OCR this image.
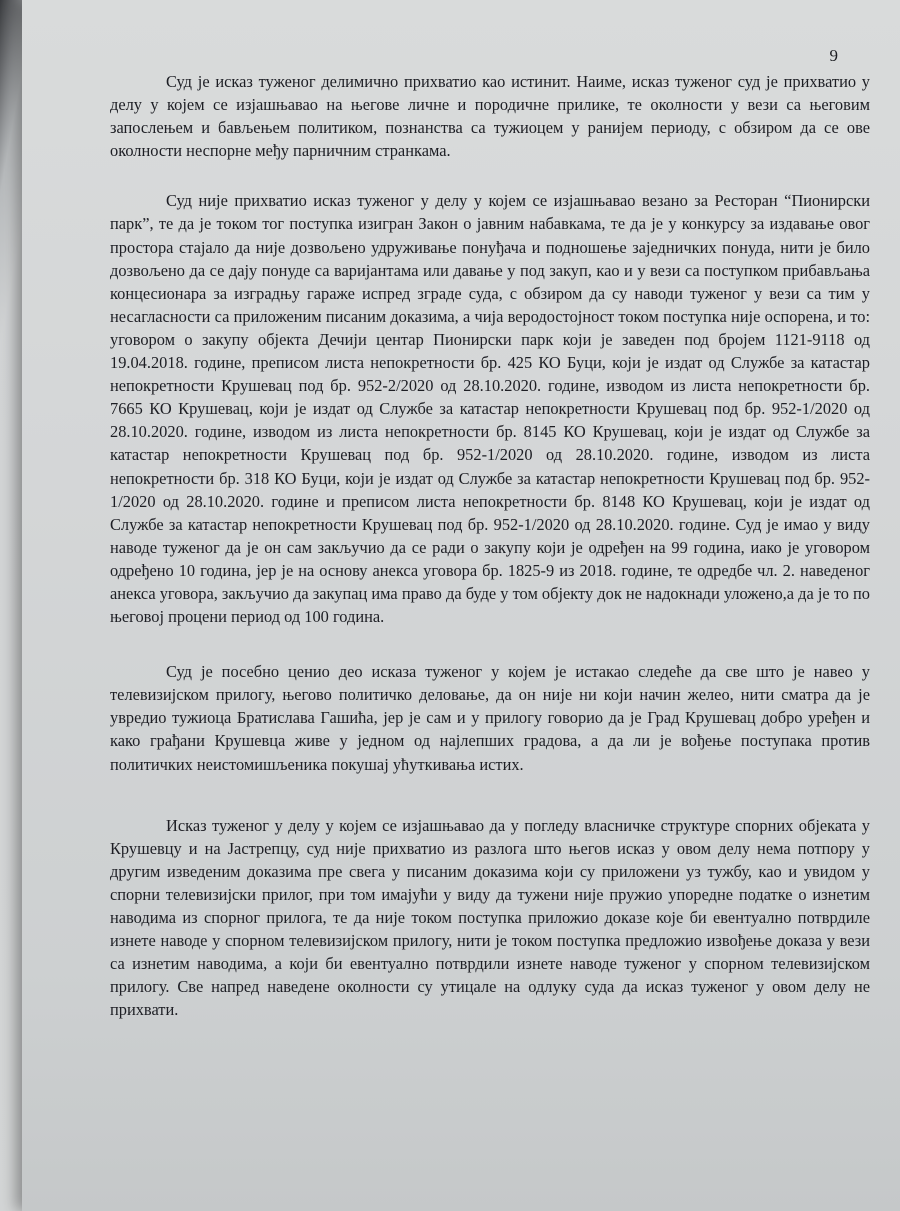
9

Суд је исказ туженог делимично прихватио као истинит. Наиме, исказ туженог суд је прихватио у делу у којем се изјашњавао на његове личне и породичне прилике, те околности у вези са његовим запослењем и бављењем политиком, познанства са тужиоцем у ранијем периоду, с обзиром да се ове околности неспорне међу парничним странкама.

Суд није прихватио исказ туженог у делу у којем се изјашњавао везано за Ресторан “Пионирски парк”, те да је током тог поступка изигран Закон о јавним набавкама, те да је у конкурсу за издавање овог простора стајало да није дозвољено удруживање понуђача и подношење заједничких понуда, нити је било дозвољено да се дају понуде са варијантама или давање у под закуп, као и у вези са поступком прибављања концесионара за изградњу гараже испред зграде суда, с обзиром да су наводи туженог у вези са тим у несагласности са приложеним писаним доказима, а чија веродостојност током поступка није оспорена, и то: уговором о закупу објекта Дечији центар Пионирски парк који је заведен под бројем 1121-9118 од 19.04.2018. године, преписом листа непокретности бр. 425 КО Буци, који је издат од Службе за катастар непокретности Крушевац под бр. 952-2/2020 од 28.10.2020. године, изводом из листа непокретности бр. 7665 КО Крушевац, који је издат од Службе за катастар непокретности Крушевац под бр. 952-1/2020 од 28.10.2020. године, изводом из листа непокретности бр. 8145 КО Крушевац, који је издат од Службе за катастар непокретности Крушевац под бр. 952-1/2020 од 28.10.2020. године, изводом из листа непокретности бр. 318 КО Буци, који је издат од Службе за катастар непокретности Крушевац под бр. 952-1/2020 од 28.10.2020. године и преписом листа непокретности бр. 8148 КО Крушевац, који је издат од Службе за катастар непокретности Крушевац под бр. 952-1/2020 од 28.10.2020. године. Суд је имао у виду наводе туженог да је он сам закључио да се ради о закупу који је одређен на 99 година, иако је уговором одређено 10 година, јер је на основу анекса уговора бр. 1825-9 из 2018. године, те одредбе чл. 2. наведеног анекса уговора, закључио да закупац има право да буде у том објекту док не надокнади уложено,а да је то по његовој процени период од 100 година.

Суд је посебно ценио део исказа туженог у којем је истакао следеће да све што је навео у телевизијском прилогу, његово политичко деловање, да он није ни који начин желео, нити сматра да је увредио тужиоца Братислава Гашића, јер је сам и у прилогу говорио да је Град Крушевац добро уређен и како грађани Крушевца живе у једном од најлепших градова, а да ли је вођење поступака против политичких неистомишљеника покушај ућуткивања истих.

Исказ туженог у делу у којем се изјашњавао да у погледу власничке структуре спорних објеката у Крушевцу и на Јастрепцу, суд није прихватио из разлога што његов исказ у овом делу нема потпору у другим изведеним доказима пре свега у писаним доказима који су приложени уз тужбу, као и увидом у спорни телевизијски прилог, при том имајући у виду да тужени није пружио упоредне податке о изнетим наводима из спорног прилога, те да није током поступка приложио доказе које би евентуално потврдиле изнете наводе у спорном телевизијском прилогу, нити је током поступка предложио извођење доказа у вези са изнетим наводима, а који би евентуално потврдили изнете наводе туженог у спорном телевизијском прилогу. Све напред наведене околности су утицале на одлуку суда да исказ туженог у овом делу не прихвати.
